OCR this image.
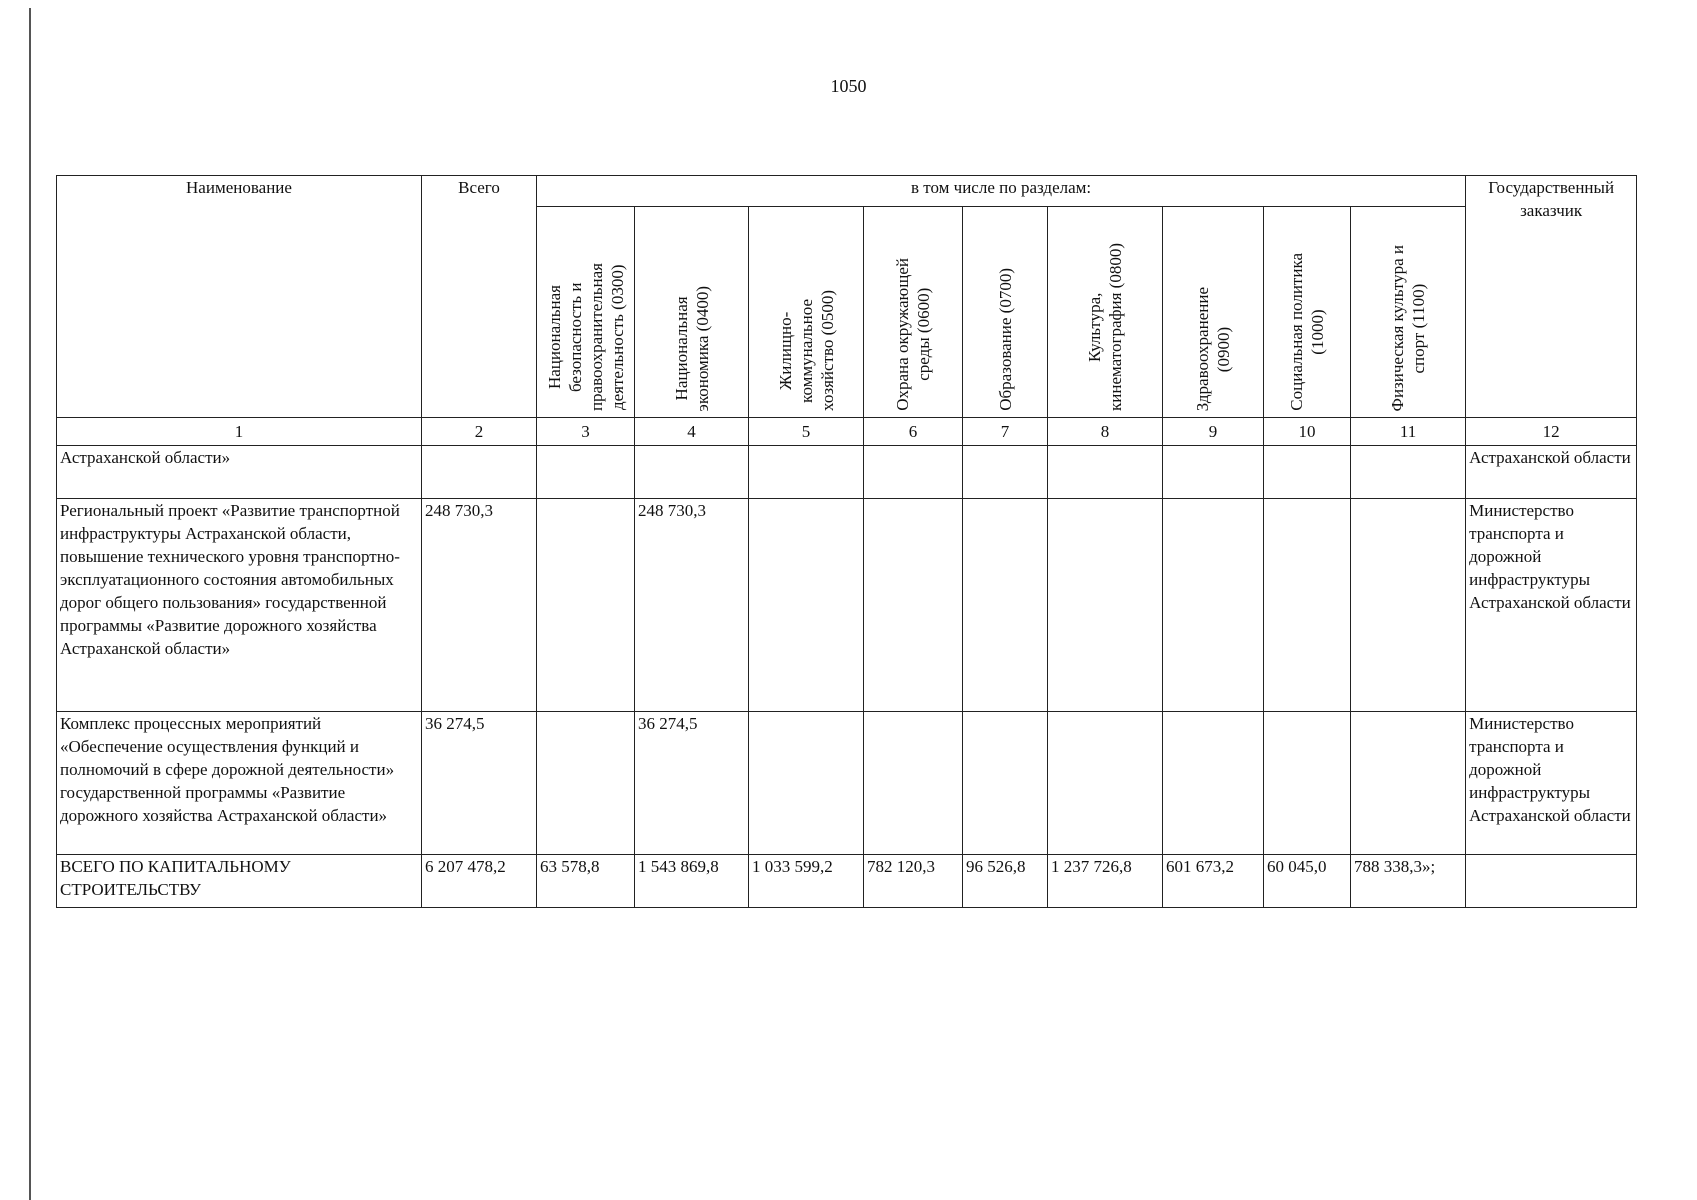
1050
Наименование	Всего	в том числе по разделам:									Государственный заказчик

		Национальная
безопасность и
правоохранительная
деятельность (0300)	Национальная
экономика (0400)	Жилищно-
коммунальное
хозяйство (0500)	Охрана окружающей
среды (0600)	Образование (0700)	Культура,
кинематография (0800)	Здравоохранение
(0900)	Социальная политика
(1000)	Физическая культура и
спорт (1100)	

1	2	3	4	5	6	7	8	9	10	11	12
Астраханской области»											Астраханской области
Региональный проект «Развитие транспортной инфраструктуры Астраханской области, повышение технического уровня транспортно-эксплуатационного состояния автомобильных дорог общего пользования» государственной программы «Развитие дорожного хозяйства Астраханской области»	248 730,3		248 730,3								Министерство транспорта и дорожной инфраструктуры Астраханской области
Комплекс процессных мероприятий «Обеспечение осуществления функций и полномочий в сфере дорожной деятельности» государственной программы «Развитие дорожного хозяйства Астраханской области»	36 274,5		36 274,5								Министерство транспорта и дорожной инфраструктуры Астраханской области
ВСЕГО ПО КАПИТАЛЬНОМУ СТРОИТЕЛЬСТВУ	6 207 478,2	63 578,8	1 543 869,8	1 033 599,2	782 120,3	96 526,8	1 237 726,8	601 673,2	60 045,0	788 338,3»;	
